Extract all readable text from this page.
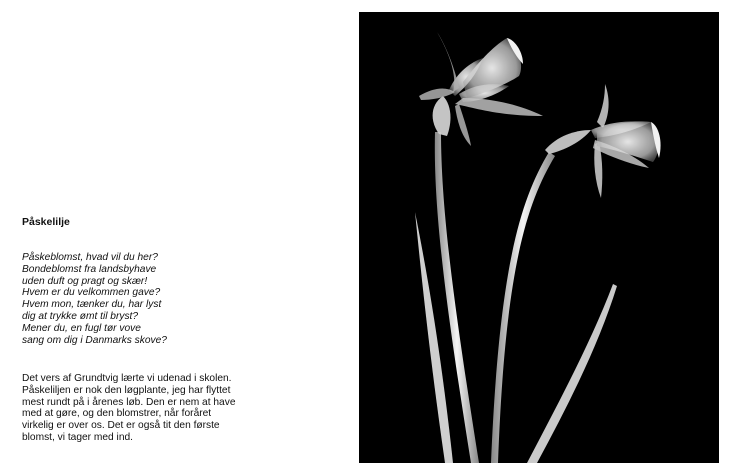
Påskelilje

Påskeblomst, hvad vil du her?
Bondeblomst fra landsbyhave
uden duft og pragt og skær!
Hvem er du velkommen gave?
Hvem mon, tænker du, har lyst
dig at trykke ømt til bryst?
Mener du, en fugl tør vove
sang om dig i Danmarks skove?

Det vers af Grundtvig lærte vi udenad i skolen.
Påskeliljen er nok den løgplante, jeg har flyttet
mest rundt på i årenes løb. Den er nem at have
med at gøre, og den blomstrer, når foråret
virkelig er over os. Det er også tit den første
blomst, vi tager med ind.
